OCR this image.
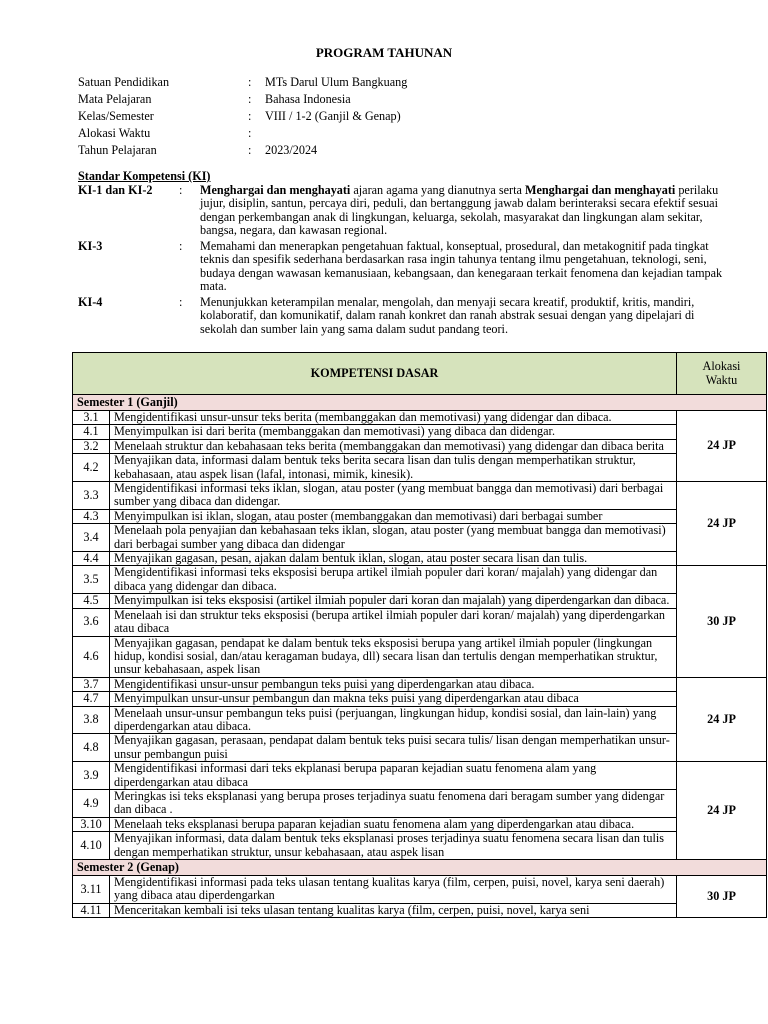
PROGRAM TAHUNAN
Satuan Pendidikan	:	MTs Darul Ulum Bangkuang
Mata Pelajaran	:	Bahasa Indonesia
Kelas/Semester	:	VIII / 1-2 (Ganjil & Genap)
Alokasi Waktu	:
Tahun Pelajaran	:	2023/2024
Standar Kompetensi (KI)
KI-1 dan KI-2	:	Menghargai dan menghayati ajaran agama yang dianutnya serta Menghargai dan menghayati perilaku jujur, disiplin, santun, percaya diri, peduli, dan bertanggung jawab dalam berinteraksi secara efektif sesuai dengan perkembangan anak di lingkungan, keluarga, sekolah, masyarakat dan lingkungan alam sekitar, bangsa, negara, dan kawasan regional.
KI-3	:	Memahami dan menerapkan pengetahuan faktual, konseptual, prosedural, dan metakognitif pada tingkat teknis dan spesifik sederhana berdasarkan rasa ingin tahunya tentang ilmu pengetahuan, teknologi, seni, budaya dengan wawasan kemanusiaan, kebangsaan, dan kenegaraan terkait fenomena dan kejadian tampak mata.
KI-4	:	Menunjukkan keterampilan menalar, mengolah, dan menyaji secara kreatif, produktif, kritis, mandiri, kolaboratif, dan komunikatif, dalam ranah konkret dan ranah abstrak sesuai dengan yang dipelajari di sekolah dan sumber lain yang sama dalam sudut pandang teori.
KOMPETENSI DASAR		Alokasi Waktu
Semester 1 (Ganjil)		
3.1	Mengidentifikasi unsur-unsur teks berita (membanggakan dan memotivasi) yang didengar dan dibaca.	24 JP
4.1	Menyimpulkan isi dari berita (membanggakan dan memotivasi) yang dibaca dan didengar.	
3.2	Menelaah struktur dan kebahasaan teks berita (membanggakan dan memotivasi) yang didengar dan dibaca berita	
4.2	Menyajikan data, informasi dalam bentuk teks berita secara lisan dan tulis dengan memperhatikan struktur, kebahasaan, atau aspek lisan (lafal, intonasi, mimik, kinesik).	
3.3	Mengidentifikasi informasi teks iklan, slogan, atau poster (yang membuat bangga dan memotivasi) dari berbagai sumber yang dibaca dan didengar.	24 JP
4.3	Menyimpulkan isi iklan, slogan, atau poster (membanggakan dan memotivasi) dari berbagai sumber	
3.4	Menelaah pola penyajian dan kebahasaan teks iklan, slogan, atau poster (yang membuat bangga dan memotivasi) dari berbagai sumber yang dibaca dan didengar	
4.4	Menyajikan gagasan, pesan, ajakan dalam bentuk iklan, slogan, atau poster secara lisan dan tulis.	
3.5	Mengidentifikasi informasi teks eksposisi berupa artikel ilmiah populer dari koran/ majalah) yang didengar dan dibaca yang didengar dan dibaca.	30 JP
4.5	Menyimpulkan isi teks eksposisi (artikel ilmiah populer dari koran dan majalah) yang diperdengarkan dan dibaca.	
3.6	Menelaah isi dan struktur teks eksposisi (berupa artikel ilmiah populer dari koran/ majalah) yang diperdengarkan atau dibaca	
4.6	Menyajikan gagasan, pendapat ke dalam bentuk teks eksposisi berupa yang artikel ilmiah populer (lingkungan hidup, kondisi sosial, dan/atau keragaman budaya, dll) secara lisan dan tertulis dengan memperhatikan struktur, unsur kebahasaan, aspek lisan	
3.7	Mengidentifikasi unsur-unsur pembangun teks puisi yang diperdengarkan atau dibaca.	24 JP
4.7	Menyimpulkan unsur-unsur pembangun dan makna teks puisi yang diperdengarkan atau dibaca	
3.8	Menelaah unsur-unsur pembangun teks puisi (perjuangan, lingkungan hidup, kondisi sosial, dan lain-lain) yang diperdengarkan atau dibaca.	
4.8	Menyajikan gagasan, perasaan, pendapat dalam bentuk teks puisi secara tulis/ lisan dengan memperhatikan unsur-unsur pembangun puisi	
3.9	Mengidentifikasi informasi dari teks ekplanasi berupa paparan kejadian suatu fenomena alam yang diperdengarkan atau dibaca	24 JP
4.9	Meringkas isi teks eksplanasi yang berupa proses terjadinya suatu fenomena dari beragam sumber yang didengar dan dibaca .	
3.10	Menelaah teks eksplanasi berupa paparan kejadian suatu fenomena alam yang diperdengarkan atau dibaca.	
4.10	Menyajikan informasi, data dalam bentuk teks eksplanasi proses terjadinya suatu fenomena secara lisan dan tulis dengan memperhatikan struktur, unsur kebahasaan, atau aspek lisan	
Semester 2 (Genap)		
3.11	Mengidentifikasi informasi pada teks ulasan tentang kualitas karya (film, cerpen, puisi, novel, karya seni daerah) yang dibaca atau diperdengarkan	30 JP
4.11	Menceritakan kembali isi teks ulasan tentang kualitas karya (film, cerpen, puisi, novel, karya seni	
